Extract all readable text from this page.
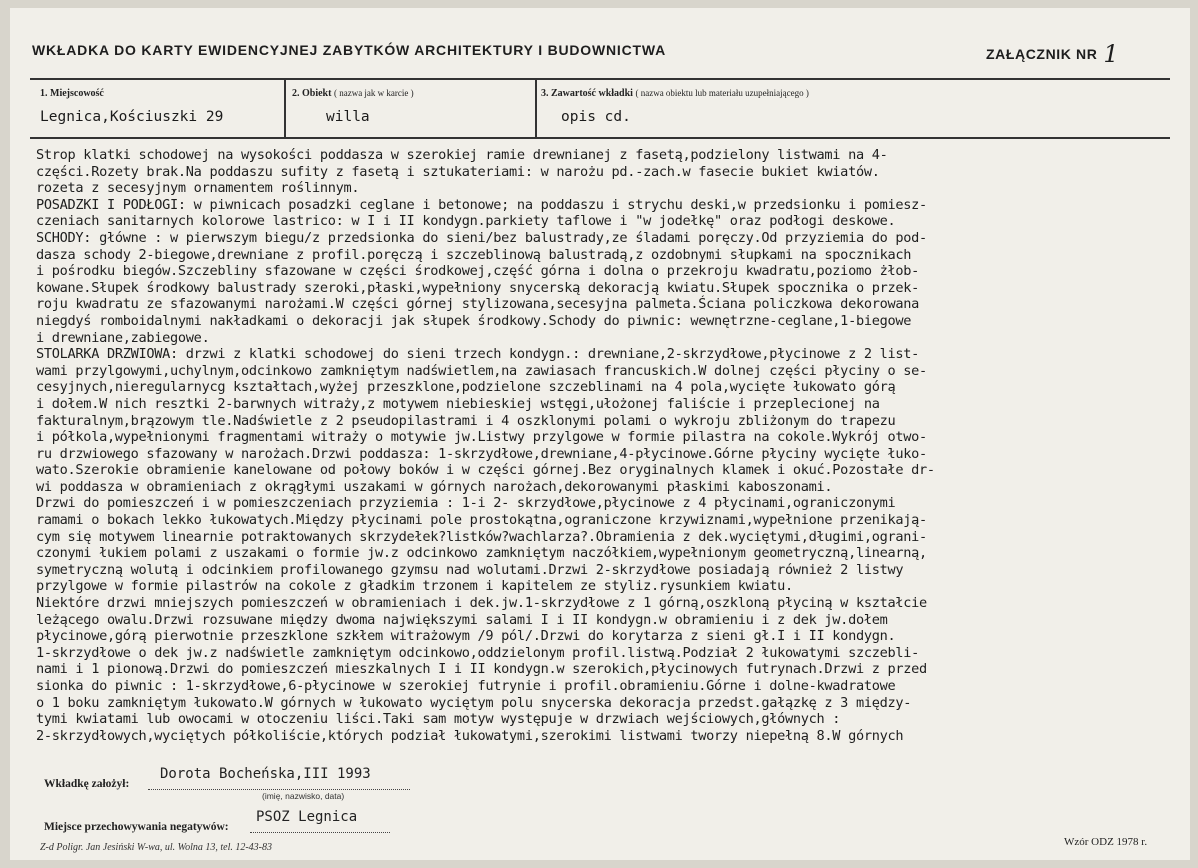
WKŁADKA DO KARTY EWIDENCYJNEJ ZABYTKÓW ARCHITEKTURY I BUDOWNICTWA	ZAŁĄCZNIK NR 1
1. Miejscowość	2. Obiekt ( nazwa jak w karcie )	3. Zawartość wkładki ( nazwa obiektu lub materiału uzupełniającego )
Legnica,Kościuszki 29	willa	opis cd.
Strop klatki schodowej na wysokości poddasza w szerokiej ramie drewnianej z fasetą,podzielony listwami na 4-
części.Rozety brak.Na poddaszu sufity z fasetą i sztukateriami: w narożu pd.-zach.w fasecie bukiet kwiatów.
rozeta z secesyjnym ornamentem roślinnym.
POSADZKI I PODŁOGI: w piwnicach posadzki ceglane i betonowe; na poddaszu i strychu deski,w przedsionku i pomiesz-
czeniach sanitarnych kolorowe lastrico: w I i II kondygn.parkiety taflowe i "w jodełkę" oraz podłogi deskowe.
SCHODY: główne : w pierwszym biegu/z przedsionka do sieni/bez balustrady,ze śladami poręczy.Od przyziemia do pod-
dasza schody 2-biegowe,drewniane z profil.poręczą i szczeblinową balustradą,z ozdobnymi słupkami na spocznikach
i pośrodku biegów.Szczebliny sfazowane w części środkowej,część górna i dolna o przekroju kwadratu,poziomo żłob-
kowane.Słupek środkowy balustrady szeroki,płaski,wypełniony snycerską dekoracją kwiatu.Słupek spocznika o przek-
roju kwadratu ze sfazowanymi narożami.W części górnej stylizowana,secesyjna palmeta.Ściana policzkowa dekorowana
niegdyś romboidalnymi nakładkami o dekoracji jak słupek środkowy.Schody do piwnic: wewnętrzne-ceglane,1-biegowe
i drewniane,zabiegowe.
STOLARKA DRZWIOWA: drzwi z klatki schodowej do sieni trzech kondygn.: drewniane,2-skrzydłowe,płycinowe z 2 list-
wami przylgowymi,uchylnym,odcinkowo zamkniętym nadświetlem,na zawiasach francuskich.W dolnej części płyciny o se-
cesyjnych,nieregularnycg kształtach,wyżej przeszklone,podzielone szczeblinami na 4 pola,wycięte łukowato górą
i dołem.W nich resztki 2-barwnych witraży,z motywem niebieskiej wstęgi,ułożonej faliście i przeplecionej na
fakturalnym,brązowym tle.Nadświetle z 2 pseudopilastrami i 4 oszklonymi polami o wykroju zbliżonym do trapezu
i półkola,wypełnionymi fragmentami witraży o motywie jw.Listwy przylgowe w formie pilastra na cokole.Wykrój otwo-
ru drzwiowego sfazowany w narożach.Drzwi poddasza: 1-skrzydłowe,drewniane,4-płycinowe.Górne płyciny wycięte łuko-
wato.Szerokie obramienie kanelowane od połowy boków i w części górnej.Bez oryginalnych klamek i okuć.Pozostałe dr-
wi poddasza w obramieniach z okrągłymi uszakami w górnych narożach,dekorowanymi płaskimi kaboszonami.
Drzwi do pomieszczeń i w pomieszczeniach przyziemia : 1-i 2- skrzydłowe,płycinowe z 4 płycinami,ograniczonymi
ramami o bokach lekko łukowatych.Między płycinami pole prostokątna,ograniczone krzywiznami,wypełnione przenikają-
cym się motywem linearnie potraktowanych skrzydełek?listków?wachlarza?.Obramienia z dek.wyciętymi,długimi,ograni-
czonymi łukiem polami z uszakami o formie jw.z odcinkowo zamkniętym naczółkiem,wypełnionym geometryczną,linearną,
symetryczną wolutą i odcinkiem profilowanego gzymsu nad wolutami.Drzwi 2-skrzydłowe posiadają również 2 listwy
przylgowe w formie pilastrów na cokole z gładkim trzonem i kapitelem ze styliz.rysunkiem kwiatu.
Niektóre drzwi mniejszych pomieszczeń w obramieniach i dek.jw.1-skrzydłowe z 1 górną,oszkloną płyciną w kształcie
leżącego owalu.Drzwi rozsuwane między dwoma największymi salami I i II kondygn.w obramieniu i z dek jw.dołem
płycinowe,górą pierwotnie przeszklone szkłem witrażowym /9 pól/.Drzwi do korytarza z sieni gł.I i II kondygn.
1-skrzydłowe o dek jw.z nadświetle zamkniętym odcinkowo,oddzielonym profil.listwą.Podział 2 łukowatymi szczebli-
nami i 1 pionową.Drzwi do pomieszczeń mieszkalnych I i II kondygn.w szerokich,płycinowych futrynach.Drzwi z przed
sionka do piwnic : 1-skrzydłowe,6-płycinowe w szerokiej futrynie i profil.obramieniu.Górne i dolne-kwadratowe
o 1 boku zamkniętym łukowato.W górnych w łukowato wyciętym polu snycerska dekoracja przedst.gałązkę z 3 między-
tymi kwiatami lub owocami w otoczeniu liści.Taki sam motyw występuje w drzwiach wejściowych,głównych :
2-skrzydłowych,wyciętych półkoliście,których podział łukowatymi,szerokimi listwami tworzy niepełną 8.W górnych
Wkładkę założył:
Dorota Bocheńska,III 1993
(imię, nazwisko, data)
Miejsce przechowywania negatywów:
PSOZ Legnica
Z-d Poligr. Jan Jesiński W-wa, ul. Wolna 13, tel. 12-43-83	Wzór ODZ 1978 r.
